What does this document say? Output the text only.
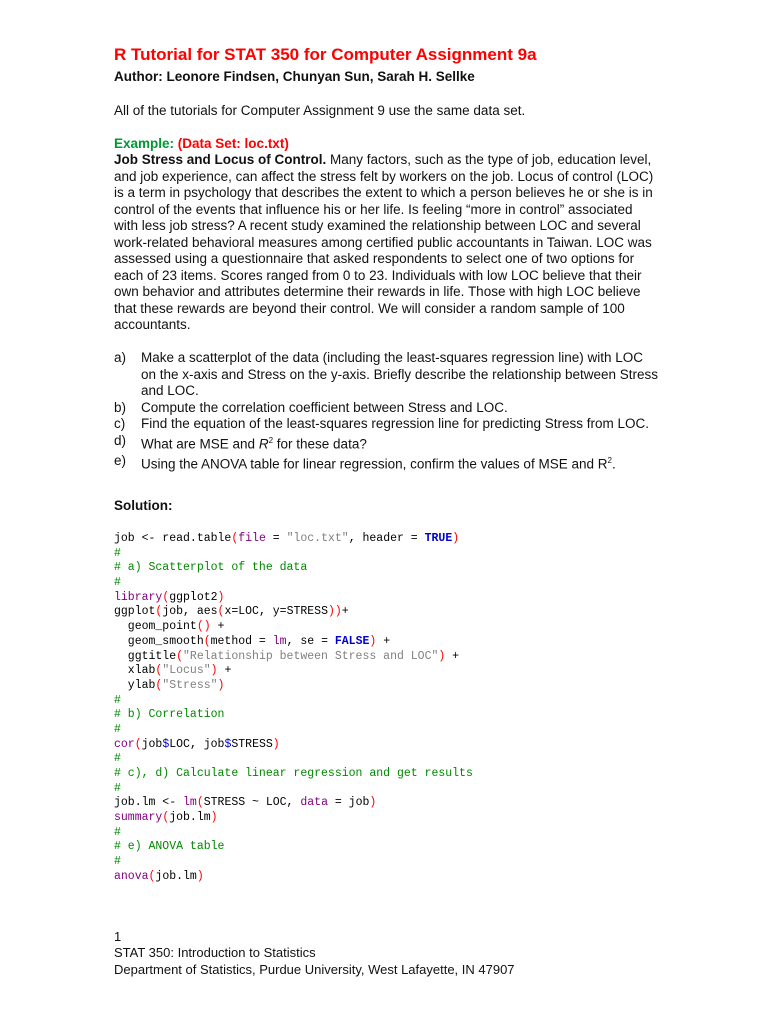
R Tutorial for STAT 350 for Computer Assignment 9a
Author: Leonore Findsen, Chunyan Sun, Sarah H. Sellke
All of the tutorials for Computer Assignment 9 use the same data set.
Example: (Data Set: loc.txt)
Job Stress and Locus of Control. Many factors, such as the type of job, education level, and job experience, can affect the stress felt by workers on the job. Locus of control (LOC) is a term in psychology that describes the extent to which a person believes he or she is in control of the events that influence his or her life. Is feeling “more in control” associated with less job stress? A recent study examined the relationship between LOC and several work-related behavioral measures among certified public accountants in Taiwan. LOC was assessed using a questionnaire that asked respondents to select one of two options for each of 23 items. Scores ranged from 0 to 23. Individuals with low LOC believe that their own behavior and attributes determine their rewards in life. Those with high LOC believe that these rewards are beyond their control. We will consider a random sample of 100 accountants.
a)	Make a scatterplot of the data (including the least-squares regression line) with LOC on the x-axis and Stress on the y-axis. Briefly describe the relationship between Stress and LOC.
b)	Compute the correlation coefficient between Stress and LOC.
c)	Find the equation of the least-squares regression line for predicting Stress from LOC.
d)	What are MSE and $R^2$ for these data?
e)	Using the ANOVA table for linear regression, confirm the values of MSE and $R^2$.
Solution:
job <- read.table(file = "loc.txt", header = TRUE)
#
# a) Scatterplot of the data
#
library(ggplot2)
ggplot(job, aes(x=LOC, y=STRESS))+
geom_point() +
geom_smooth(method = lm, se = FALSE) +
ggtitle("Relationship between Stress and LOC") +
xlab("Locus") +
ylab("Stress")
#
# b) Correlation
#
cor(job$LOC, job$STRESS)
#
# c), d) Calculate linear regression and get results
#
job.lm <- lm(STRESS ~ LOC, data = job)
summary(job.lm)
#
# e) ANOVA table
#
anova(job.lm)
1
STAT 350: Introduction to Statistics
Department of Statistics, Purdue University, West Lafayette, IN 47907
